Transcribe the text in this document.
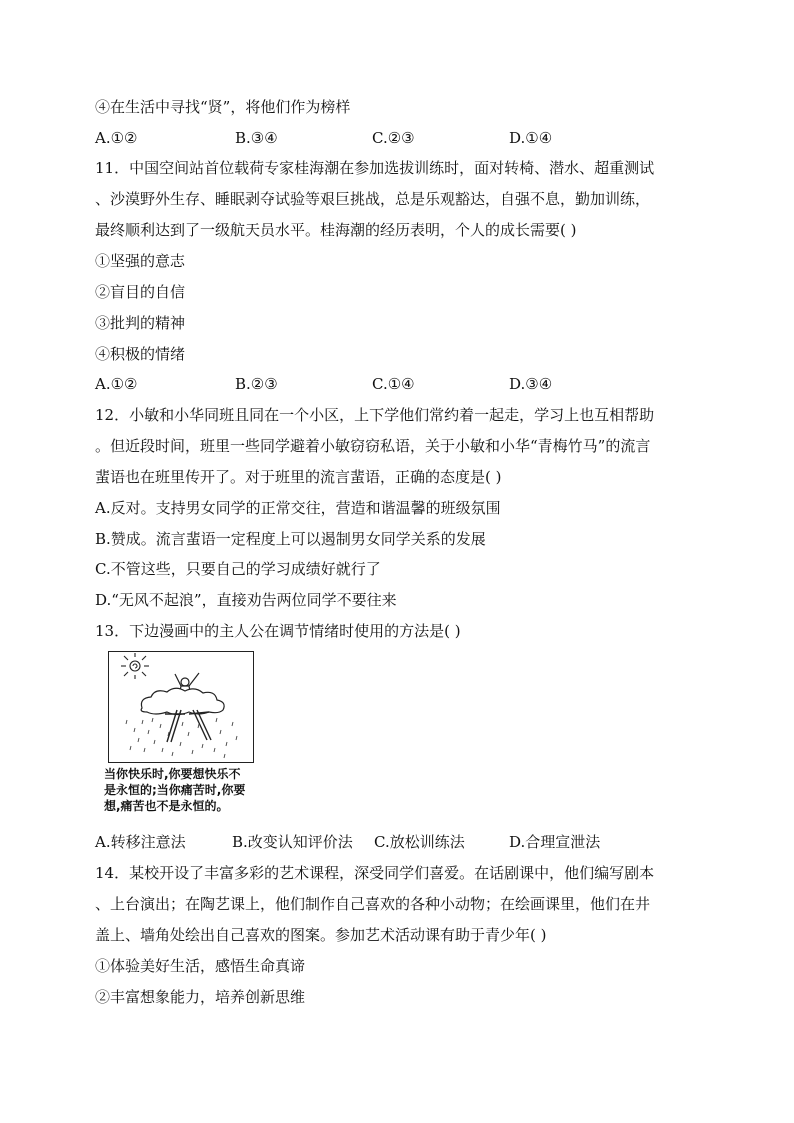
④在生活中寻找“贤”，将他们作为榜样
A.①②	B.③④	C.②③	D.①④
11．中国空间站首位载荷专家桂海潮在参加选拔训练时，面对转椅、潜水、超重测试
、沙漠野外生存、睡眠剥夺试验等艰巨挑战，总是乐观豁达，自强不息，勤加训练，
最终顺利达到了一级航天员水平。桂海潮的经历表明，个人的成长需要( )
①坚强的意志
②盲目的自信
③批判的精神
④积极的情绪
A.①②	B.②③	C.①④	D.③④
12．小敏和小华同班且同在一个小区，上下学他们常约着一起走，学习上也互相帮助
。但近段时间，班里一些同学避着小敏窃窃私语，关于小敏和小华“青梅竹马”的流言
蜚语也在班里传开了。对于班里的流言蜚语，正确的态度是( )
A.反对。支持男女同学的正常交往，营造和谐温馨的班级氛围
B.赞成。流言蜚语一定程度上可以遏制男女同学关系的发展
C.不管这些，只要自己的学习成绩好就行了
D.“无风不起浪”，直接劝告两位同学不要往来
13．下边漫画中的主人公在调节情绪时使用的方法是( )
当你快乐时,你要想快乐不
是永恒的;当你痛苦时,你要
想,痛苦也不是永恒的。
A.转移注意法	B.改变认知评价法 C.放松训练法	D.合理宣泄法
14．某校开设了丰富多彩的艺术课程，深受同学们喜爱。在话剧课中，他们编写剧本
、上台演出；在陶艺课上，他们制作自己喜欢的各种小动物；在绘画课里，他们在井
盖上、墙角处绘出自己喜欢的图案。参加艺术活动课有助于青少年( )
①体验美好生活，感悟生命真谛
②丰富想象能力，培养创新思维
